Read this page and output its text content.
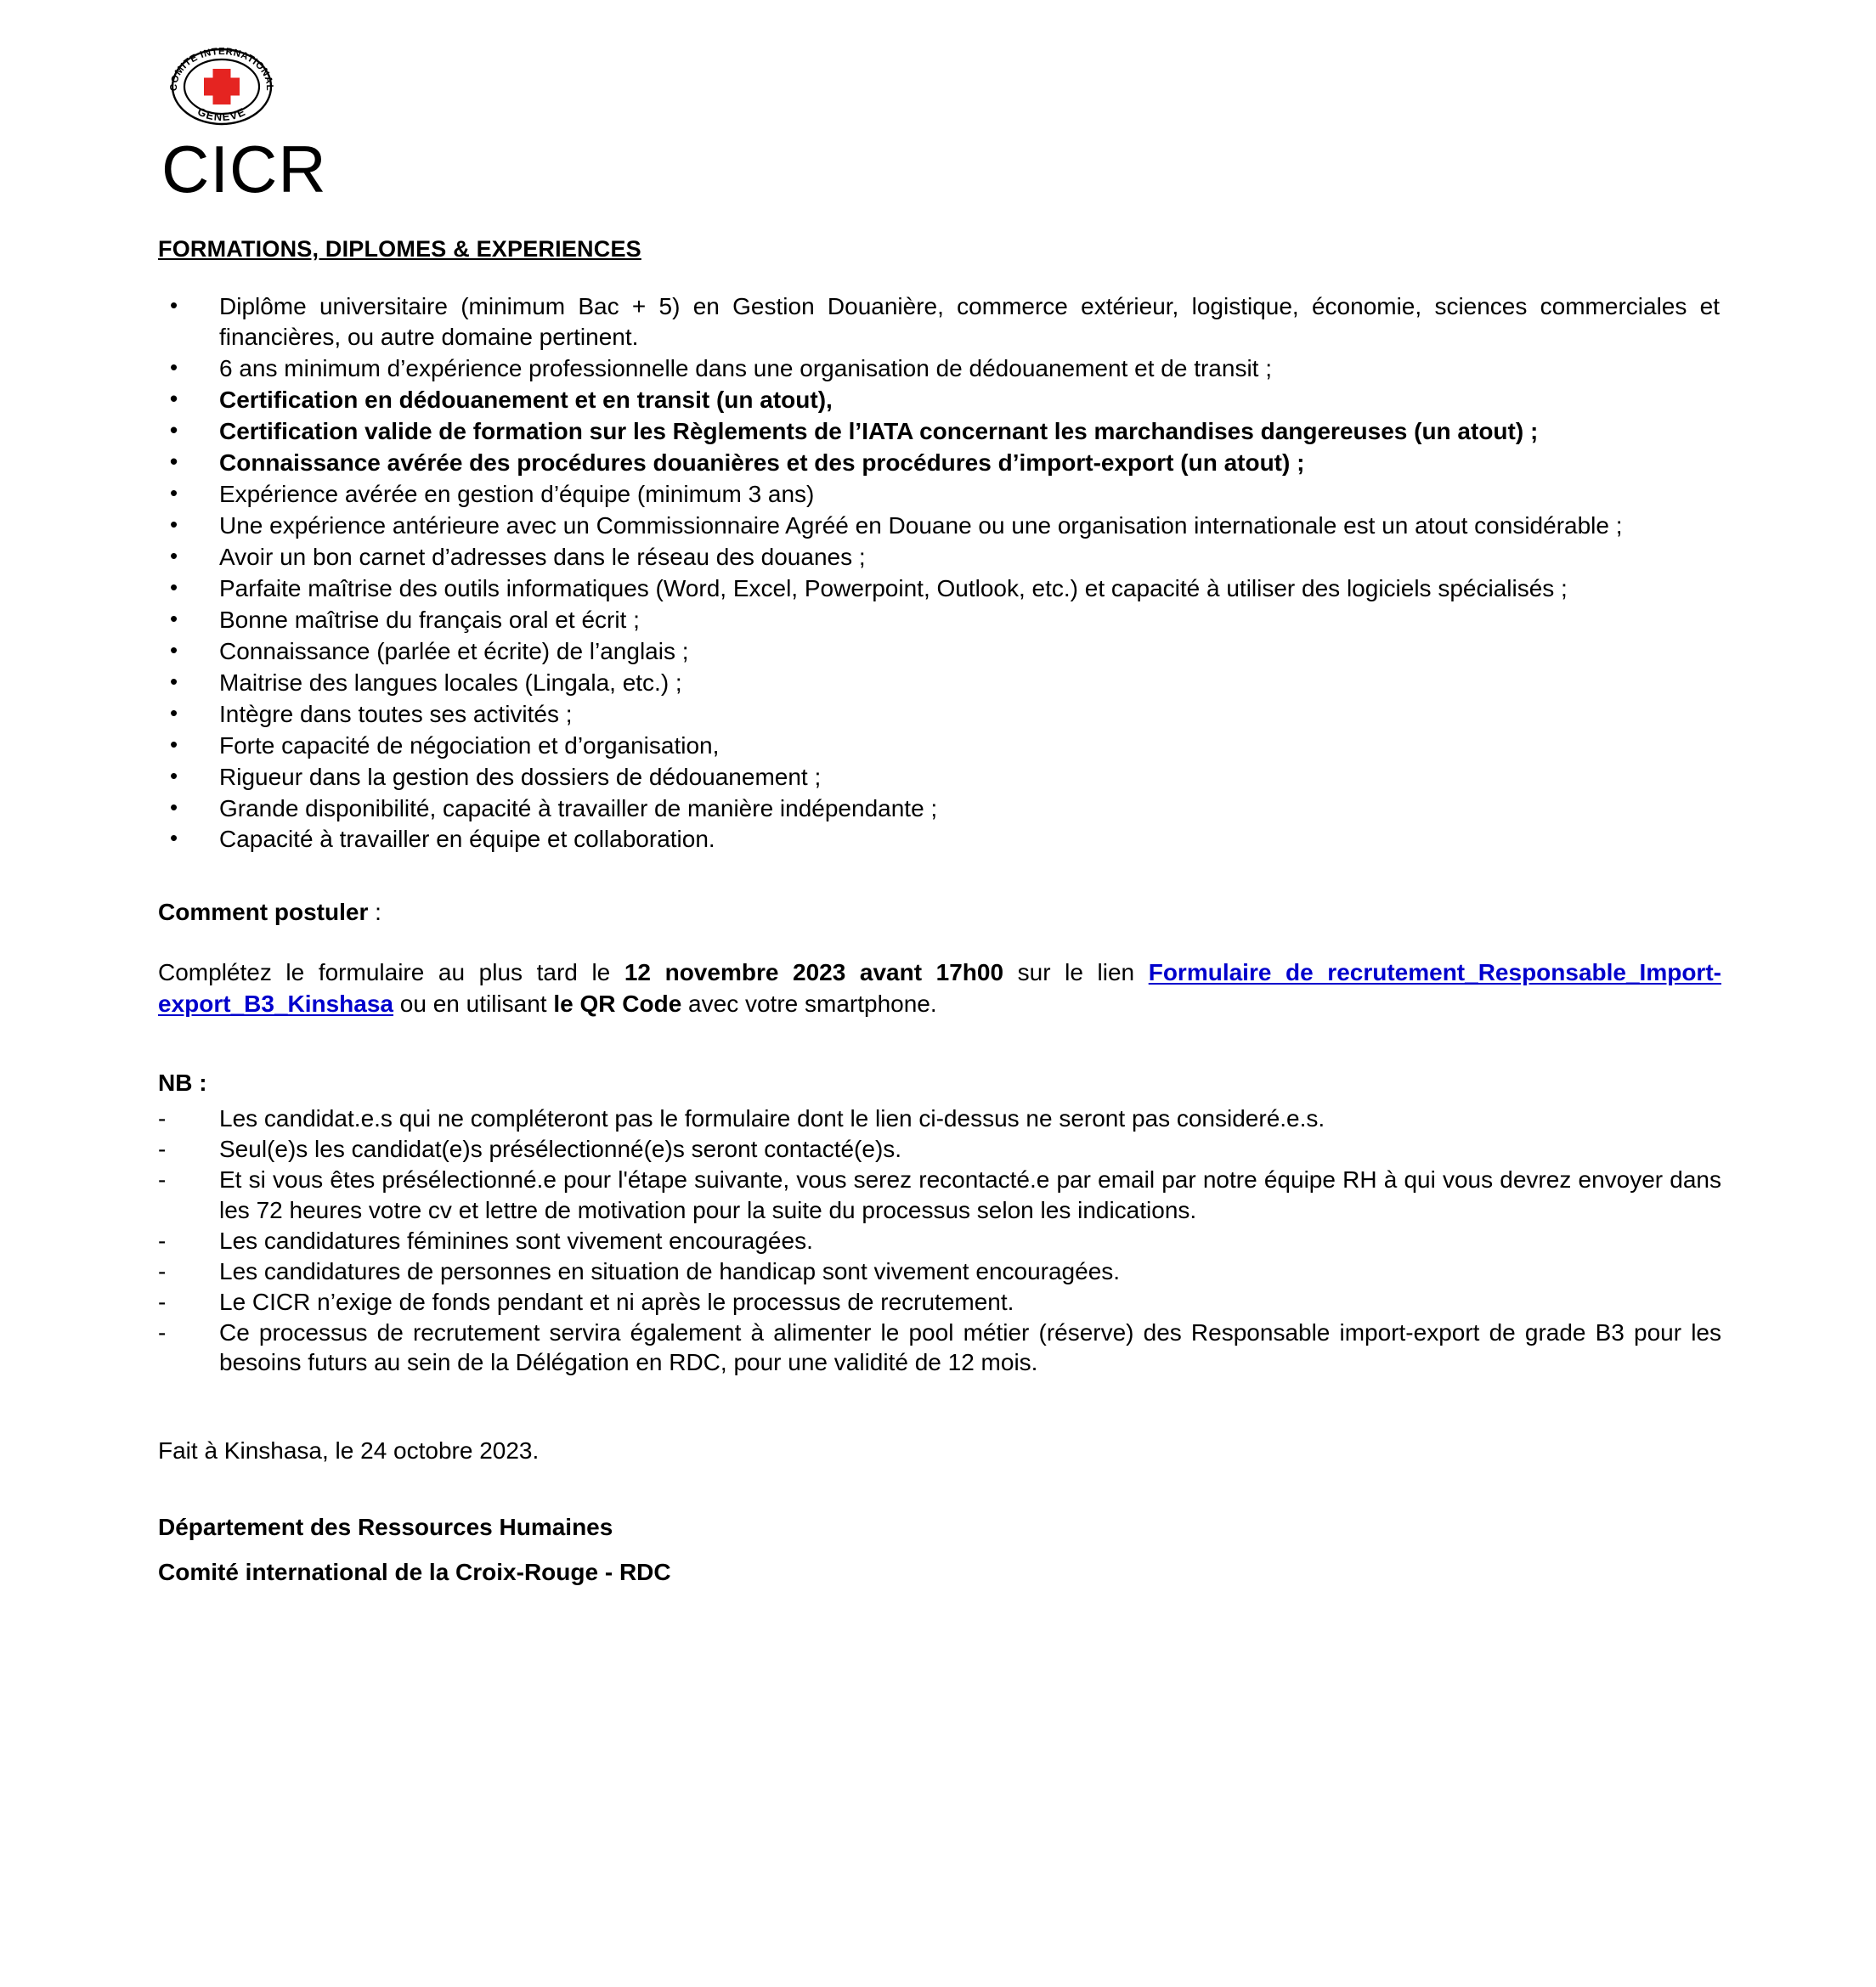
COMITE INTERNATIONAL
GENEVE
CICR
FORMATIONS, DIPLOMES & EXPERIENCES
• Diplôme universitaire (minimum Bac + 5) en Gestion Douanière, commerce extérieur, logistique, économie, sciences commerciales et financières, ou autre domaine pertinent.
• 6 ans minimum d’expérience professionnelle dans une organisation de dédouanement et de transit ;
• Certification en dédouanement et en transit (un atout),
• Certification valide de formation sur les Règlements de l’IATA concernant les marchandises dangereuses (un atout) ;
• Connaissance avérée des procédures douanières et des procédures d’import-export (un atout) ;
• Expérience avérée en gestion d’équipe (minimum 3 ans)
• Une expérience antérieure avec un Commissionnaire Agréé en Douane ou une organisation internationale est un atout considérable ;
• Avoir un bon carnet d’adresses dans le réseau des douanes ;
• Parfaite maîtrise des outils informatiques (Word, Excel, Powerpoint, Outlook, etc.) et capacité à utiliser des logiciels spécialisés ;
• Bonne maîtrise du français oral et écrit ;
• Connaissance (parlée et écrite) de l’anglais ;
• Maitrise des langues locales (Lingala, etc.) ;
• Intègre dans toutes ses activités ;
• Forte capacité de négociation et d’organisation,
• Rigueur dans la gestion des dossiers de dédouanement ;
• Grande disponibilité, capacité à travailler de manière indépendante ;
• Capacité à travailler en équipe et collaboration.

Comment postuler :

Complétez le formulaire au plus tard le 12 novembre 2023 avant 17h00 sur le lien Formulaire de recrutement_Responsable_Import-export_B3_Kinshasa ou en utilisant le QR Code avec votre smartphone.

NB :

- Les candidat.e.s qui ne compléteront pas le formulaire dont le lien ci-dessus ne seront pas consideré.e.s.
- Seul(e)s les candidat(e)s présélectionné(e)s seront contacté(e)s.
- Et si vous êtes présélectionné.e pour l'étape suivante, vous serez recontacté.e par email par notre équipe RH à qui vous devrez envoyer dans les 72 heures votre cv et lettre de motivation pour la suite du processus selon les indications.
- Les candidatures féminines sont vivement encouragées.
- Les candidatures de personnes en situation de handicap sont vivement encouragées.
- Le CICR n’exige de fonds pendant et ni après le processus de recrutement.
- Ce processus de recrutement servira également à alimenter le pool métier (réserve) des Responsable import-export de grade B3 pour les besoins futurs au sein de la Délégation en RDC, pour une validité de 12 mois.

Fait à Kinshasa, le 24 octobre 2023.

Département des Ressources Humaines
Comité international de la Croix-Rouge - RDC
